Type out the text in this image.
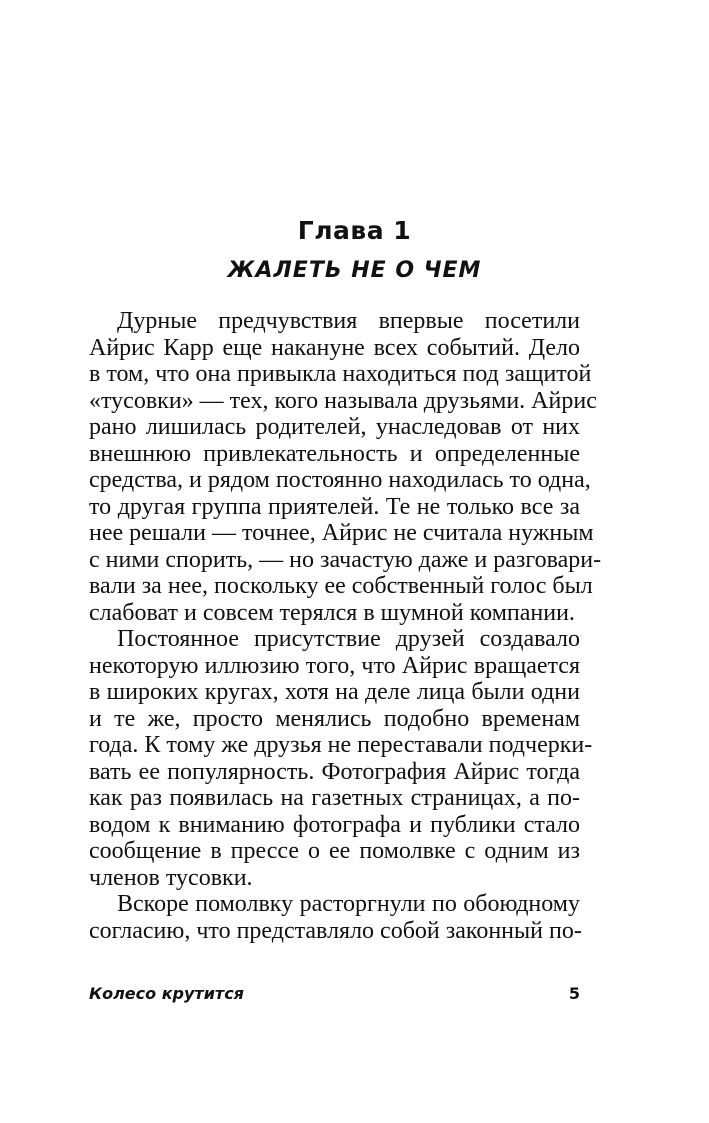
Глава 1
ЖАЛЕТЬ НЕ О ЧЕМ
Дурные предчувствия впервые посетили
Айрис Карр еще накануне всех событий. Дело
в том, что она привыкла находиться под защитой
«тусовки» — тех, кого называла друзьями. Айрис
рано лишилась родителей, унаследовав от них
внешнюю привлекательность и определенные
средства, и рядом постоянно находилась то одна,
то другая группа приятелей. Те не только все за
нее решали — точнее, Айрис не считала нужным
с ними спорить, — но зачастую даже и разговари-
вали за нее, поскольку ее собственный голос был
слабоват и совсем терялся в шумной компании.
Постоянное присутствие друзей создавало
некоторую иллюзию того, что Айрис вращается
в широких кругах, хотя на деле лица были одни
и те же, просто менялись подобно временам
года. К тому же друзья не переставали подчерки-
вать ее популярность. Фотография Айрис тогда
как раз появилась на газетных страницах, а по-
водом к вниманию фотографа и публики стало
сообщение в прессе о ее помолвке с одним из
членов тусовки.
Вскоре помолвку расторгнули по обоюдному
согласию, что представляло собой законный по-
Колесо крутится	5
